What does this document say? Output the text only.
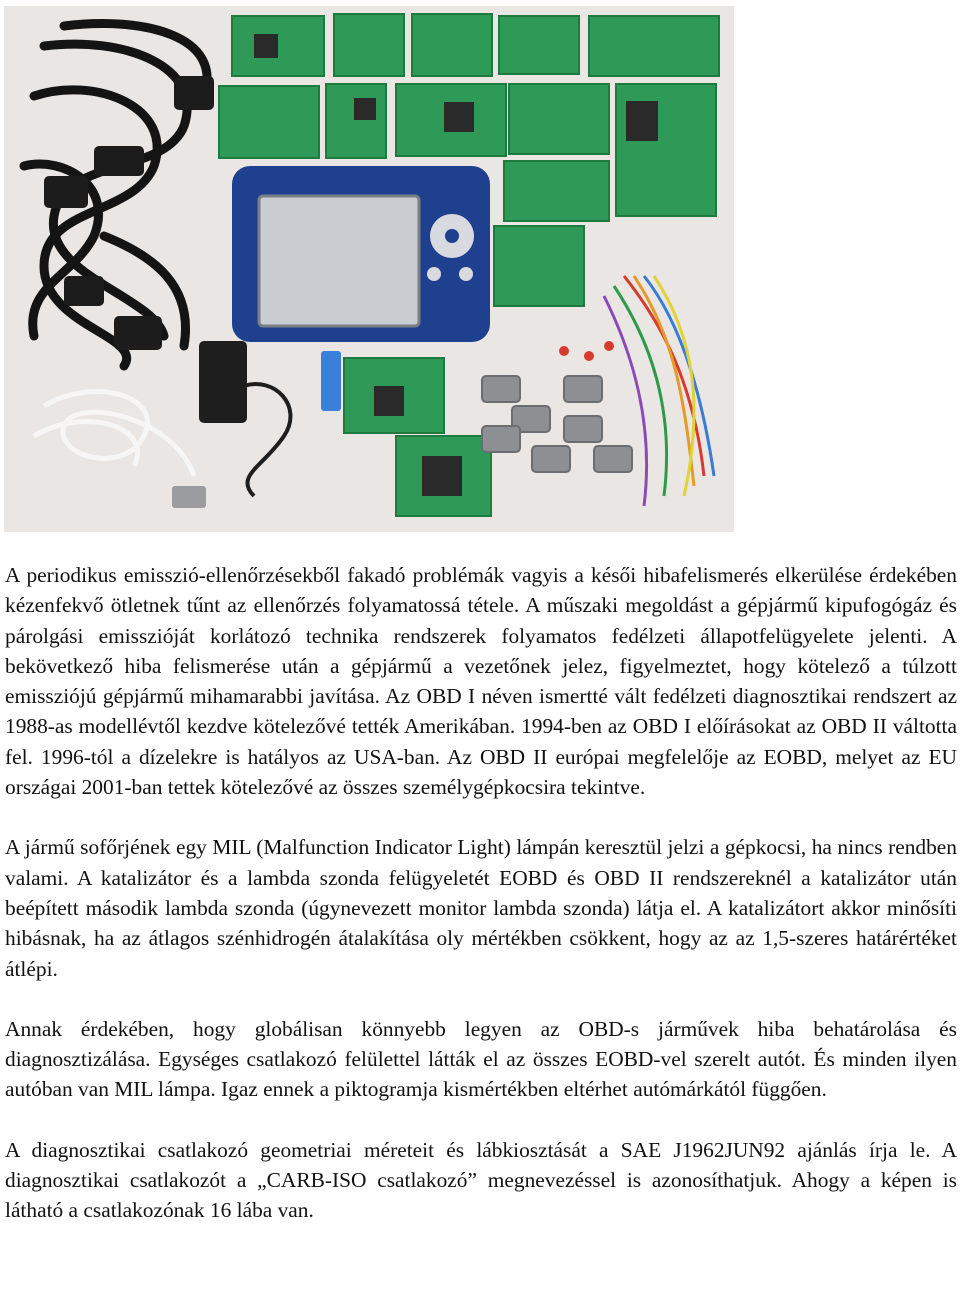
A periodikus emisszió-ellenőrzésekből fakadó problémák vagyis a késői hibafelismerés elkerülése érdekében kézenfekvő ötletnek tűnt az ellenőrzés folyamatossá tétele. A műszaki megoldást a gépjármű kipufogógáz és párolgási emisszióját korlátozó technika rendszerek folyamatos fedélzeti állapotfelügyelete jelenti. A bekövetkező hiba felismerése után a gépjármű a vezetőnek jelez, figyelmeztet, hogy kötelező a túlzott emissziójú gépjármű mihamarabbi javítása. Az OBD I néven ismertté vált fedélzeti diagnosztikai rendszert az 1988-as modellévtől kezdve kötelezővé tették Amerikában. 1994-ben az OBD I előírásokat az OBD II váltotta fel. 1996-tól a dízelekre is hatályos az USA-ban. Az OBD II európai megfelelője az EOBD, melyet az EU országai 2001-ban tettek kötelezővé az összes személygépkocsira tekintve.

A jármű sofőrjének egy MIL (Malfunction Indicator Light) lámpán keresztül jelzi a gépkocsi, ha nincs rendben valami. A katalizátor és a lambda szonda felügyeletét EOBD és OBD II rendszereknél a katalizátor után beépített második lambda szonda (úgynevezett monitor lambda szonda) látja el. A katalizátort akkor minősíti hibásnak, ha az átlagos szénhidrogén átalakítása oly mértékben csökkent, hogy az az 1,5-szeres határértéket átlépi.

Annak érdekében, hogy globálisan könnyebb legyen az OBD-s járművek hiba behatárolása és diagnosztizálása. Egységes csatlakozó felülettel látták el az összes EOBD-vel szerelt autót. És minden ilyen autóban van MIL lámpa. Igaz ennek a piktogramja kismértékben eltérhet autómárkától függően.

A diagnosztikai csatlakozó geometriai méreteit és lábkiosztását a SAE J1962JUN92 ajánlás írja le. A diagnosztikai csatlakozót a „CARB-ISO csatlakozó” megnevezéssel is azonosíthatjuk. Ahogy a képen is látható a csatlakozónak 16 lába van.
